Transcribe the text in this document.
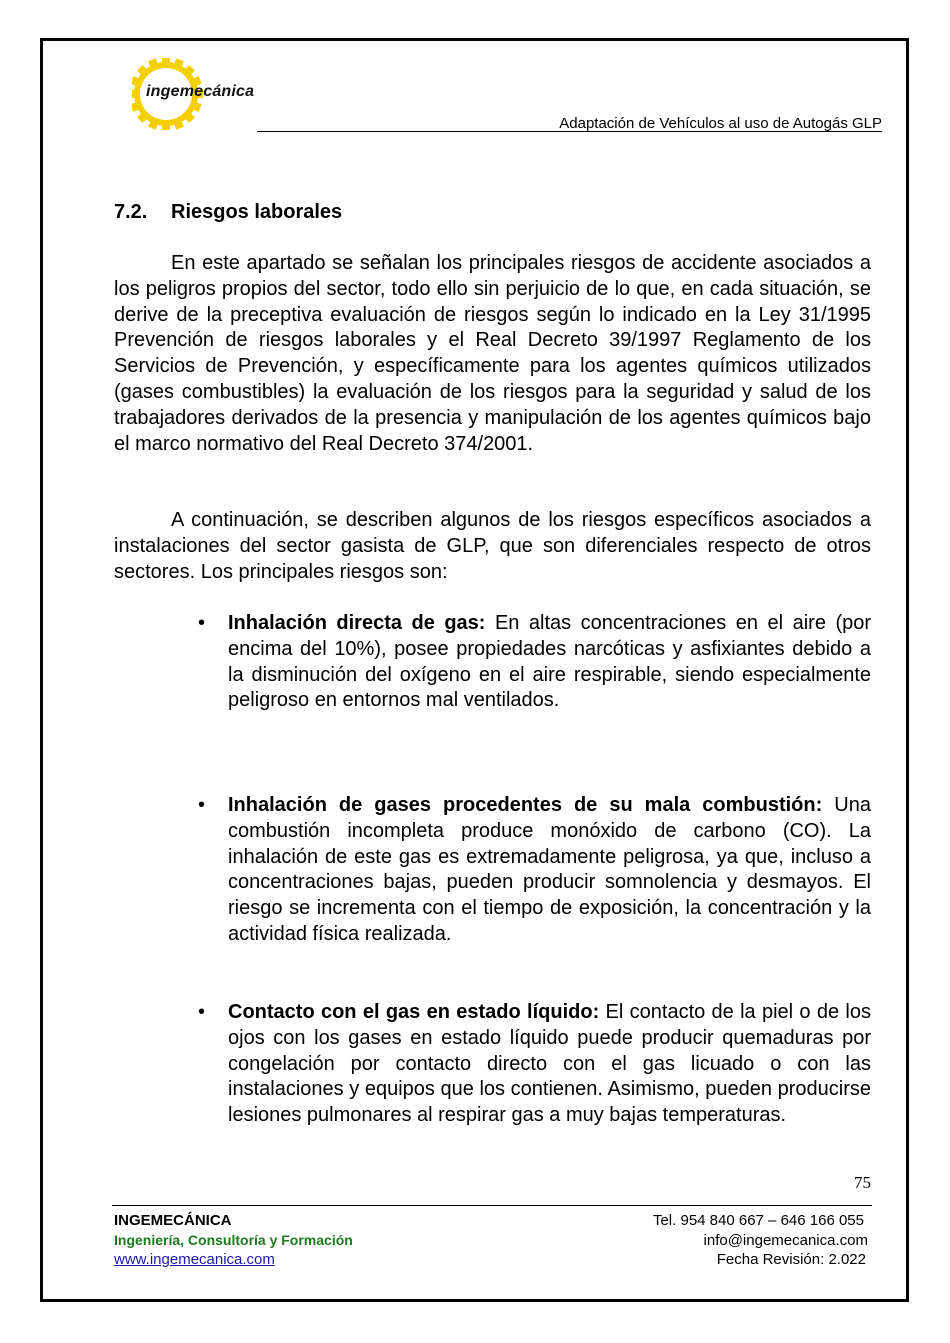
ingemecánica
Adaptación de Vehículos al uso de Autogás GLP
7.2. Riesgos laborales

En este apartado se señalan los principales riesgos de accidente asociados a los peligros propios del sector, todo ello sin perjuicio de lo que, en cada situación, se derive de la preceptiva evaluación de riesgos según lo indicado en la Ley 31/1995 Prevención de riesgos laborales y el Real Decreto 39/1997 Reglamento de los Servicios de Prevención, y específicamente para los agentes químicos utilizados (gases combustibles) la evaluación de los riesgos para la seguridad y salud de los trabajadores derivados de la presencia y manipulación de los agentes químicos bajo el marco normativo del Real Decreto 374/2001.

A continuación, se describen algunos de los riesgos específicos asociados a instalaciones del sector gasista de GLP, que son diferenciales respecto de otros sectores. Los principales riesgos son:

• Inhalación directa de gas: En altas concentraciones en el aire (por encima del 10%), posee propiedades narcóticas y asfixiantes debido a la disminución del oxígeno en el aire respirable, siendo especialmente peligroso en entornos mal ventilados.

• Inhalación de gases procedentes de su mala combustión: Una combustión incompleta produce monóxido de carbono (CO). La inhalación de este gas es extremadamente peligrosa, ya que, incluso a concentraciones bajas, pueden producir somnolencia y desmayos. El riesgo se incrementa con el tiempo de exposición, la concentración y la actividad física realizada.

• Contacto con el gas en estado líquido: El contacto de la piel o de los ojos con los gases en estado líquido puede producir quemaduras por congelación por contacto directo con el gas licuado o con las instalaciones y equipos que los contienen. Asimismo, pueden producirse lesiones pulmonares al respirar gas a muy bajas temperaturas.

75
INGEMECÁNICA
Ingeniería, Consultoría y Formación
www.ingemecanica.com
Tel. 954 840 667 – 646 166 055
info@ingemecanica.com
Fecha Revisión: 2.022
